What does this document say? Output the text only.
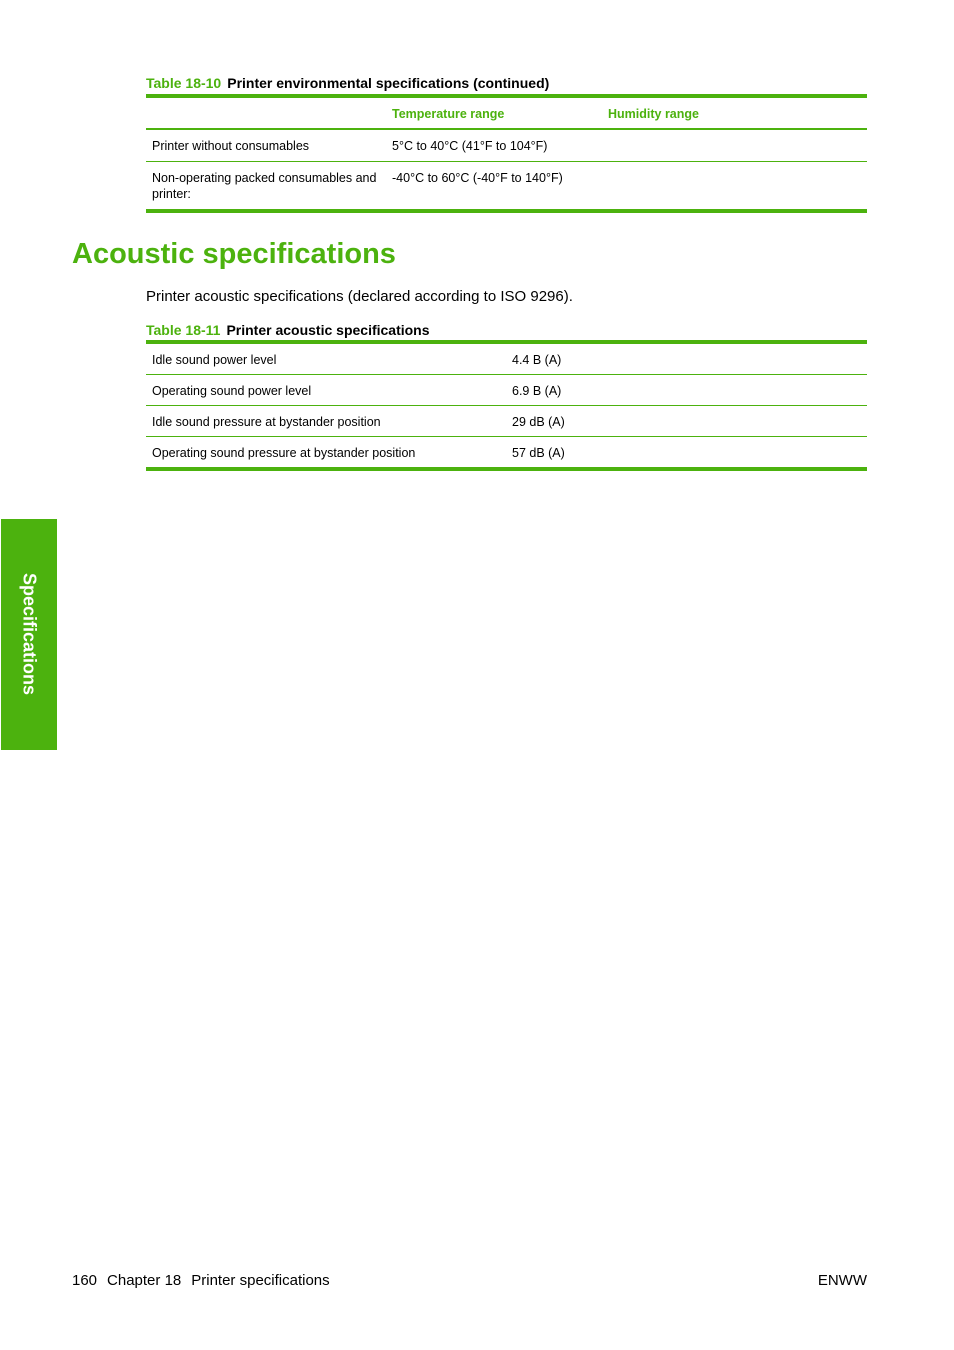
Table 18-10 Printer environmental specifications (continued)
	Temperature range	Humidity range
Printer without consumables	5°C to 40°C (41°F to 104°F)	
Non-operating packed consumables and printer:	-40°C to 60°C (-40°F to 140°F)	
Acoustic specifications
Printer acoustic specifications (declared according to ISO 9296).
Table 18-11 Printer acoustic specifications
Idle sound power level	4.4 B (A)
Operating sound power level	6.9 B (A)
Idle sound pressure at bystander position	29 dB (A)
Operating sound pressure at bystander position	57 dB (A)
Specifications
160 Chapter 18 Printer specifications	ENWW
